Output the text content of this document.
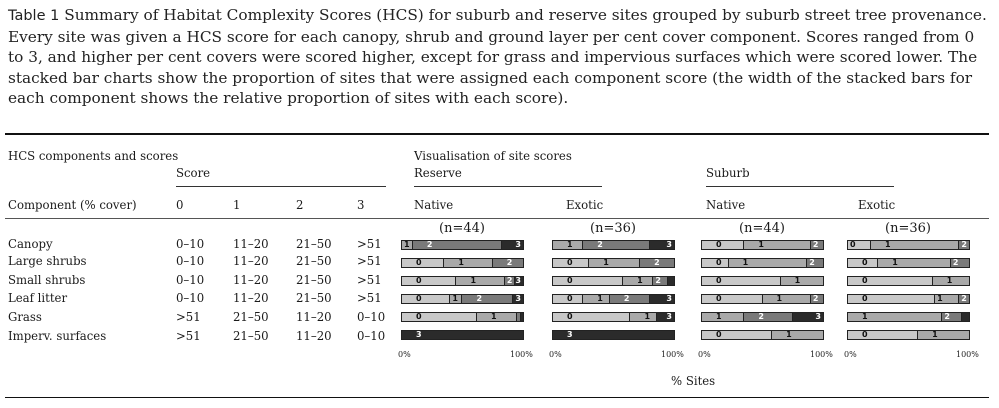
Table 1 Summary of Habitat Complexity Scores (HCS) for suburb and reserve sites grouped by suburb street tree provenance. Every site was given a HCS score for each canopy, shrub and ground layer per cent cover component. Scores ranged from 0 to 3, and higher per cent covers were scored higher, except for grass and impervious surfaces which were scored lower. The stacked bar charts show the proportion of sites that were assigned each component score (the width of the stacked bars for each component shows the relative proportion of sites with each score).
HCS components and scores
Score
Component (% cover)	0	1	2	3
Visualisation of site scores
Reserve	Suburb
Native	Exotic	Native	Exotic
(n=44)	(n=36)	(n=44)	(n=36)
Canopy	0–10 11–20 21–50 >51
Large shrubs	0–10 11–20 21–50 >51
Small shrubs	0–10 11–20 21–50 >51
Leaf litter	0–10 11–20 21–50 >51
Grass	>51	21–50 11–20 0–10
Imperv. surfaces	>51	21–50 11–20 0–10
1 2	3
0	1	2
0	1	2 3
0	1 2	3
0	1
3
0%	100%
1	2	3
0	1	2
0	1 2
0	1	2	3
0	1 3
3
0%	100%
0	1	2
0	1	2
0	1
0	1	2
1	2	3
0	1
0%	100%
0	1	2
0	1	2
0	1
0	1 2
1	2
0	1
0%	100%
% Sites
